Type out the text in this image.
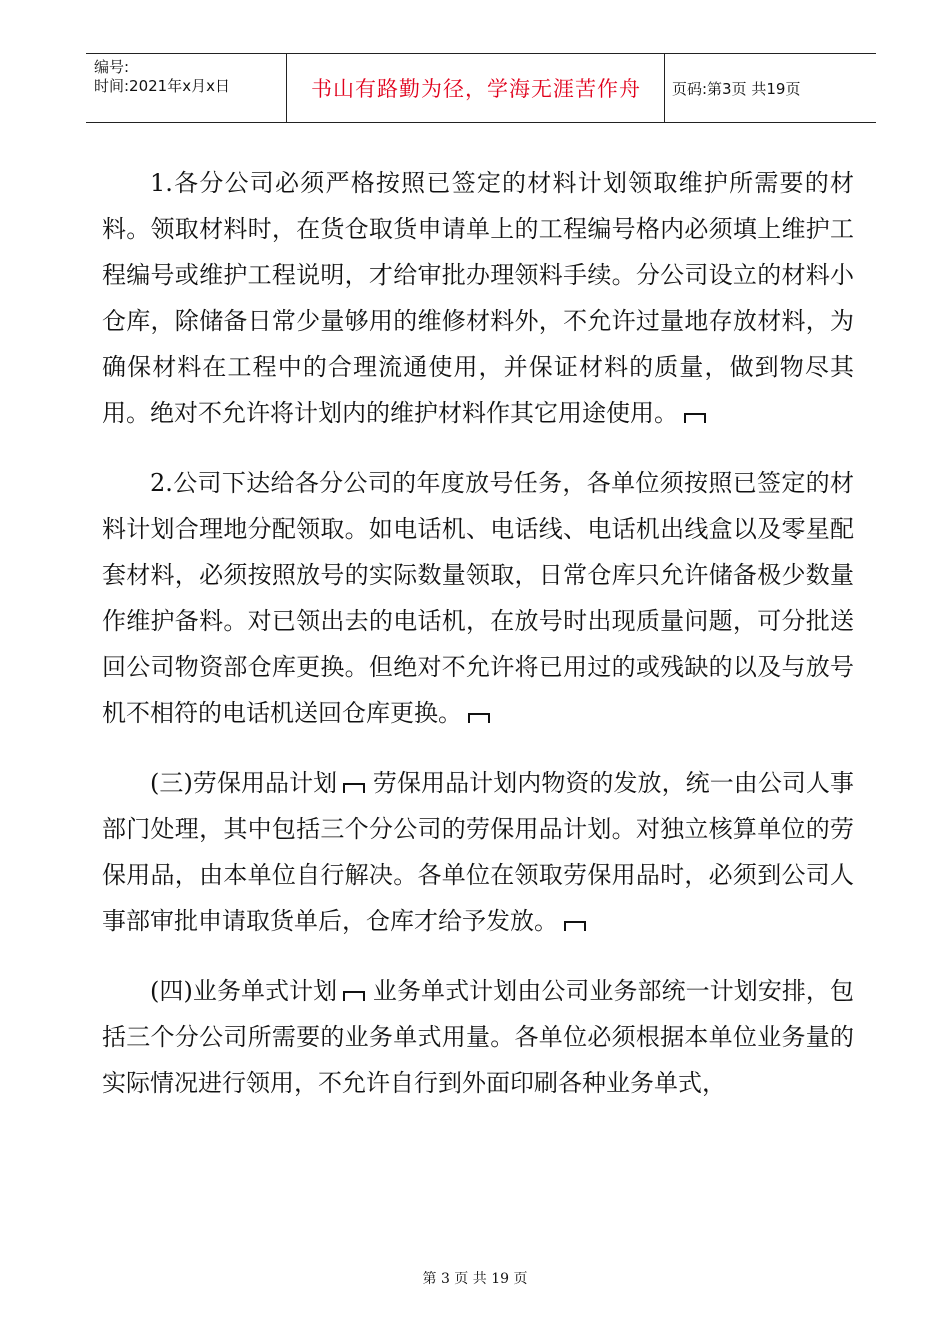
编号:
时间:2021年x月x日	书山有路勤为径，学海无涯苦作舟	页码:第3页 共19页

1.各分公司必须严格按照已签定的材料计划领取维护所需要的材料。领取材料时，在货仓取货申请单上的工程编号格内必须填上维护工程编号或维护工程说明，才给审批办理领料手续。分公司设立的材料小仓库，除储备日常少量够用的维修材料外，不允许过量地存放材料，为确保材料在工程中的合理流通使用，并保证材料的质量，做到物尽其用。绝对不允许将计划内的维护材料作其它用途使用。

2.公司下达给各分公司的年度放号任务，各单位须按照已签定的材料计划合理地分配领取。如电话机、电话线、电话机出线盒以及零星配套材料，必须按照放号的实际数量领取，日常仓库只允许储备极少数量作维护备料。对已领出去的电话机，在放号时出现质量问题，可分批送回公司物资部仓库更换。但绝对不允许将已用过的或残缺的以及与放号机不相符的电话机送回仓库更换。

(三)劳保用品计划 劳保用品计划内物资的发放，统一由公司人事部门处理，其中包括三个分公司的劳保用品计划。对独立核算单位的劳保用品，由本单位自行解决。各单位在领取劳保用品时，必须到公司人事部审批申请取货单后，仓库才给予发放。

(四)业务单式计划 业务单式计划由公司业务部统一计划安排，包括三个分公司所需要的业务单式用量。各单位必须根据本单位业务量的实际情况进行领用，不允许自行到外面印刷各种业务单式，

第 3 页 共 19 页
